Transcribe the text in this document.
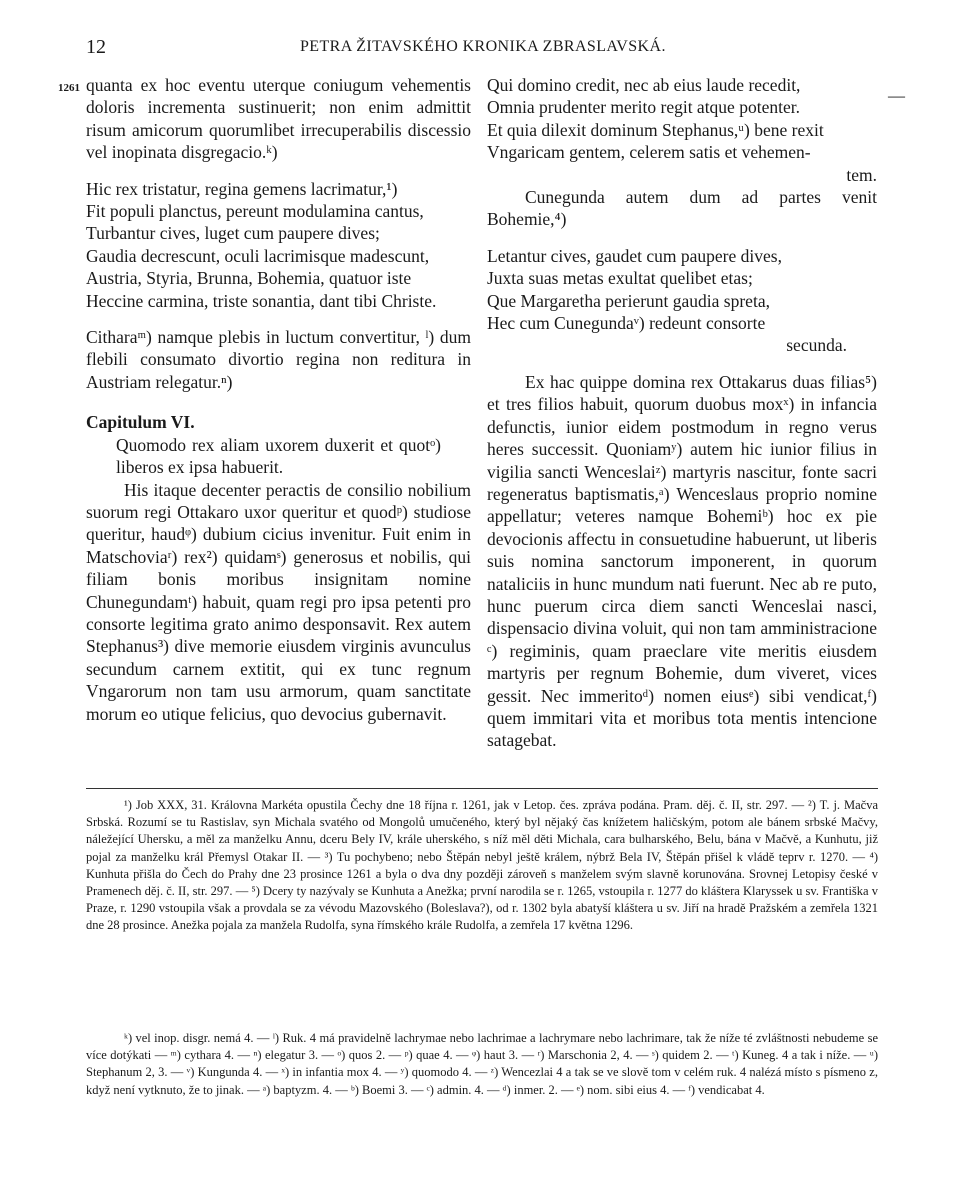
12	PETRA ŽITAVSKÉHO KRONIKA ZBRASLAVSKÁ.
1261	—

quanta ex hoc eventu uterque coniugum vehementis doloris incrementa sustinuerit; non enim admittit risum amicorum quorumlibet irrecuperabilis discessio vel inopinata disgregacio.ᵏ)

Hic rex tristatur, regina gemens lacrimatur,¹)
Fit populi planctus, pereunt modulamina cantus,
Turbantur cives, luget cum paupere dives;
Gaudia decrescunt, oculi lacrimisque madescunt,
Austria, Styria, Brunna, Bohemia, quatuor iste
Heccine carmina, triste sonantia, dant tibi Christe.

Citharaᵐ) namque plebis in luctum convertitur, ˡ) dum flebili consumato divortio regina non reditura in Austriam relegatur.ⁿ)

Capitulum VI.

Quomodo rex aliam uxorem duxerit et quotᵒ) liberos ex ipsa habuerit.

His itaque decenter peractis de consilio nobilium suorum regi Ottakaro uxor queritur et quodᵖ) studiose queritur, haudᵠ) dubium cicius invenitur. Fuit enim in Matschoviaʳ) rex²) quidamˢ) generosus et nobilis, qui filiam bonis moribus insignitam nomine Chunegundamᵗ) habuit, quam regi pro ipsa petenti pro consorte legitima grato animo desponsavit. Rex autem Stephanus³) dive memorie eiusdem virginis avunculus secundum carnem extitit, qui ex tunc regnum Vngarorum non tam usu armorum, quam sanctitate morum eo utique felicius, quo devocius gubernavit.

Qui domino credit, nec ab eius laude recedit,
Omnia prudenter merito regit atque potenter.
Et quia dilexit dominum Stephanus,ᵘ) bene rexit
Vngaricam gentem, celerem satis et vehemen-
tem.

Cunegunda autem dum ad partes venit Bohemie,⁴)

Letantur cives, gaudet cum paupere dives,
Juxta suas metas exultat quelibet etas;
Que Margaretha perierunt gaudia spreta,
Hec cum Cunegundaᵛ) redeunt consorte
secunda.

Ex hac quippe domina rex Ottakarus duas filias⁵) et tres filios habuit, quorum duobus moxˣ) in infancia defunctis, iunior eidem postmodum in regno verus heres successit. Quoniamʸ) autem hic iunior filius in vigilia sancti Wenceslaiᶻ) martyris nascitur, fonte sacri regeneratus baptismatis,ᵃ) Wenceslaus proprio nomine appellatur; veteres namque Bohemiᵇ) hoc ex pie devocionis affectu in consuetudine habuerunt, ut liberis suis nomina sanctorum imponerent, in quorum nataliciis in hunc mundum nati fuerunt. Nec ab re puto, hunc puerum circa diem sancti Wenceslai nasci, dispensacio divina voluit, qui non tam amministracione ᶜ) regiminis, quam praeclare vite meritis eiusdem martyris per regnum Bohemie, dum viveret, vices gessit. Nec immeritoᵈ) nomen eiusᵉ) sibi vendicat,ᶠ) quem immitari vita et moribus tota mentis intencione satagebat.

¹) Job XXX, 31. Královna Markéta opustila Čechy dne 18 října r. 1261, jak v Letop. čes. zpráva podána. Pram. děj. č. II, str. 297. — ²) T. j. Mačva Srbská. Rozumí se tu Rastislav, syn Michala svatého od Mongolů umučeného, který byl nějaký čas knížetem haličským, potom ale bánem srbské Mačvy, náležející Uhersku, a měl za manželku Annu, dceru Bely IV, krále uherského, s níž měl děti Michala, cara bulharského, Belu, bána v Mačvě, a Kunhutu, již pojal za manželku král Přemysl Otakar II. — ³) Tu pochybeno; nebo Štěpán nebyl ještě králem, nýbrž Bela IV, Štěpán přišel k vládě teprv r. 1270. — ⁴) Kunhuta přišla do Čech do Prahy dne 23 prosince 1261 a byla o dva dny později zároveň s manželem svým slavně korunována. Srovnej Letopisy české v Pramenech děj. č. II, str. 297. — ⁵) Dcery ty nazývaly se Kunhuta a Anežka; první narodila se r. 1265, vstoupila r. 1277 do kláštera Klaryssek u sv. Františka v Praze, r. 1290 vstoupila však a provdala se za vévodu Mazovského (Boleslava?), od r. 1302 byla abatyší kláštera u sv. Jiří na hradě Pražském a zemřela 1321 dne 28 prosince. Anežka pojala za manžela Rudolfa, syna římského krále Rudolfa, a zemřela 17 května 1296.

ᵏ) vel inop. disgr. nemá 4. — ˡ) Ruk. 4 má pravidelně lachrymae nebo lachrimae a lachrymare nebo lachrimare, tak že níže té zvláštnosti nebudeme se více dotýkati — ᵐ) cythara 4. — ⁿ) elegatur 3. — ᵒ) quos 2. — ᵖ) quae 4. — ᵠ) haut 3. — ʳ) Marschonia 2, 4. — ˢ) quidem 2. — ᵗ) Kuneg. 4 a tak i níže. — ᵘ) Stephanum 2, 3. — ᵛ) Kungunda 4. — ˣ) in infantia mox 4. — ʸ) quomodo 4. — ᶻ) Wencezlai 4 a tak se ve slově tom v celém ruk. 4 nalézá místo s písmeno z, když není vytknuto, že to jinak. — ᵃ) baptyzm. 4. — ᵇ) Boemi 3. — ᶜ) admin. 4. — ᵈ) inmer. 2. — ᵉ) nom. sibi eius 4. — ᶠ) vendicabat 4.
